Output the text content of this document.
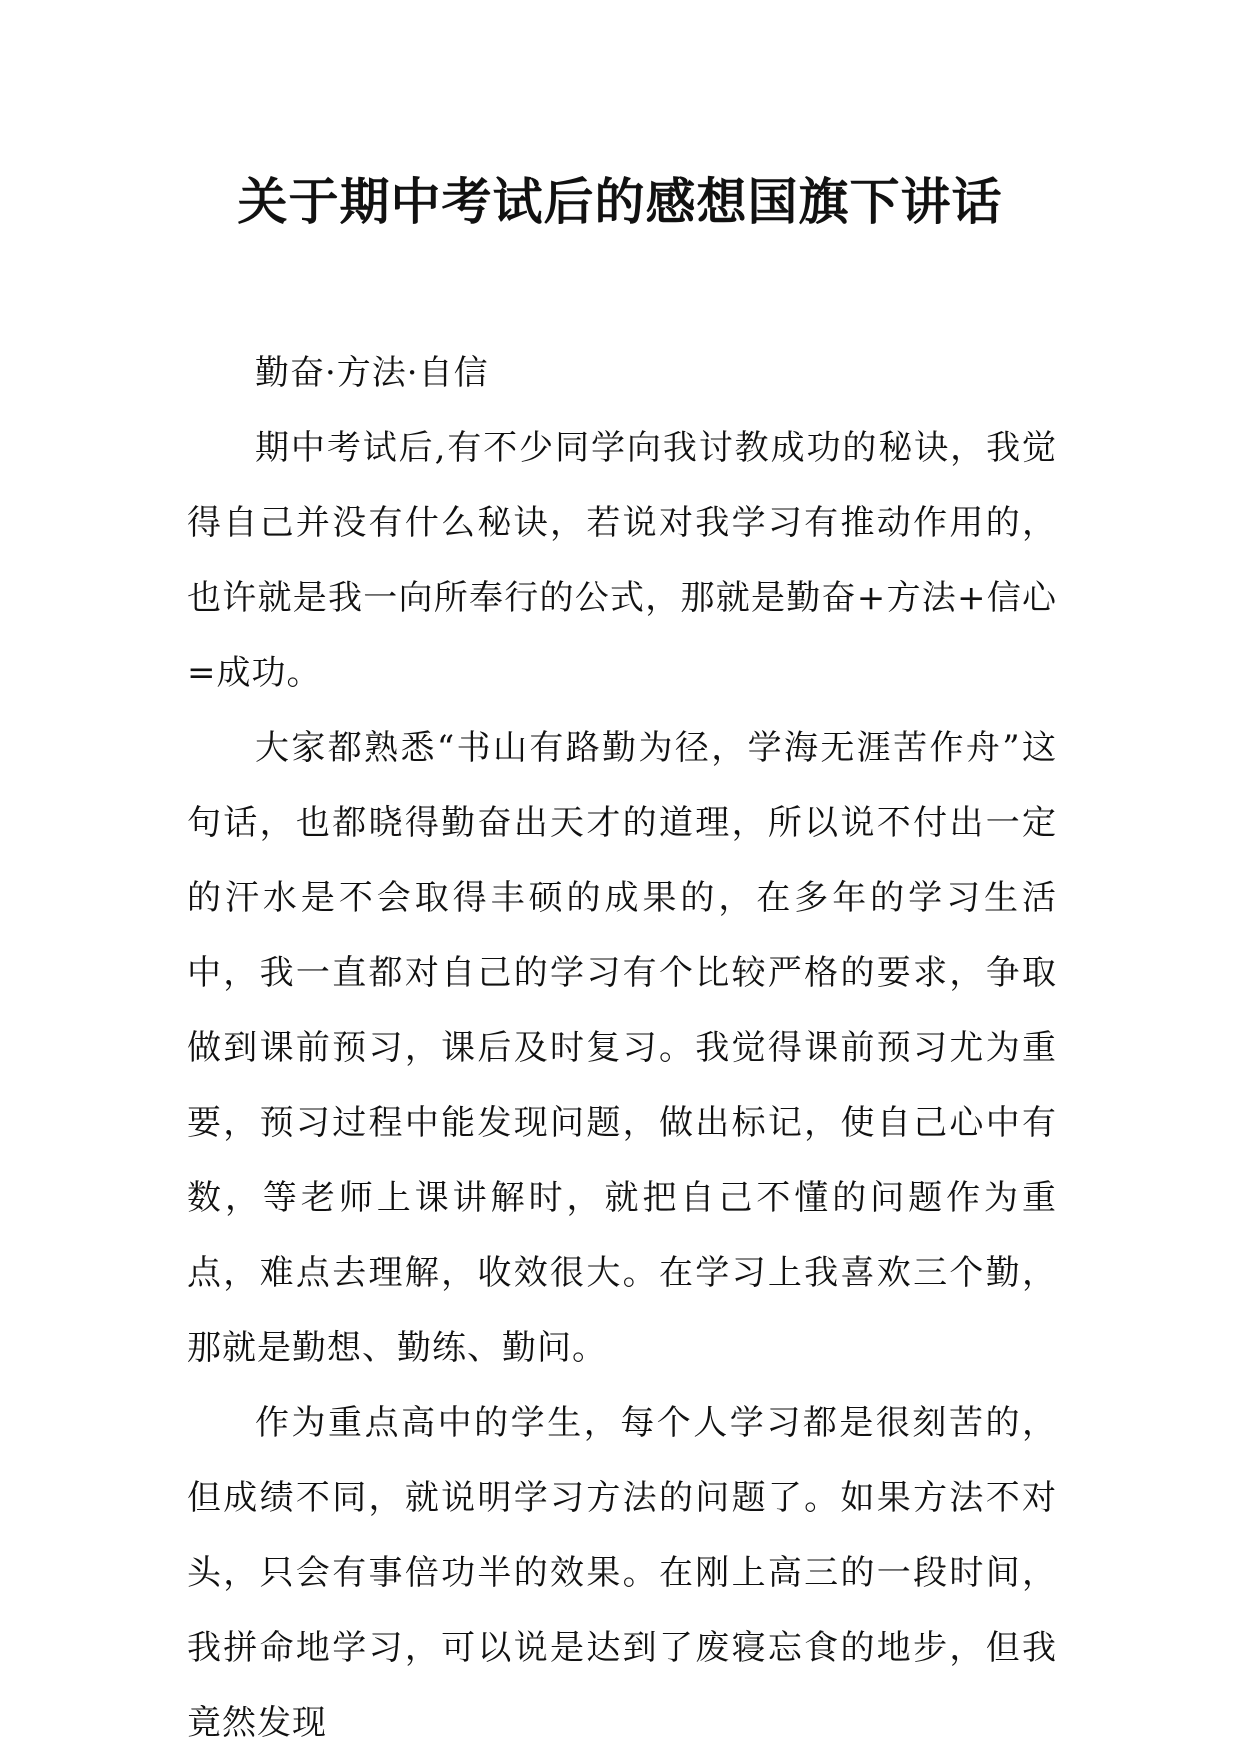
关于期中考试后的感想国旗下讲话

勤奋·方法·自信

期中考试后,有不少同学向我讨教成功的秘诀，我觉得自己并没有什么秘诀，若说对我学习有推动作用的，也许就是我一向所奉行的公式，那就是勤奋+方法+信心=成功。

大家都熟悉“书山有路勤为径，学海无涯苦作舟”这句话，也都晓得勤奋出天才的道理，所以说不付出一定的汗水是不会取得丰硕的成果的，在多年的学习生活中，我一直都对自己的学习有个比较严格的要求，争取做到课前预习，课后及时复习。我觉得课前预习尤为重要，预习过程中能发现问题，做出标记，使自己心中有数，等老师上课讲解时，就把自己不懂的问题作为重点，难点去理解，收效很大。在学习上我喜欢三个勤，那就是勤想、勤练、勤问。

作为重点高中的学生，每个人学习都是很刻苦的，但成绩不同，就说明学习方法的问题了。如果方法不对头，只会有事倍功半的效果。在刚上高三的一段时间，我拼命地学习，可以说是达到了废寝忘食的地步，但我竟然发现
